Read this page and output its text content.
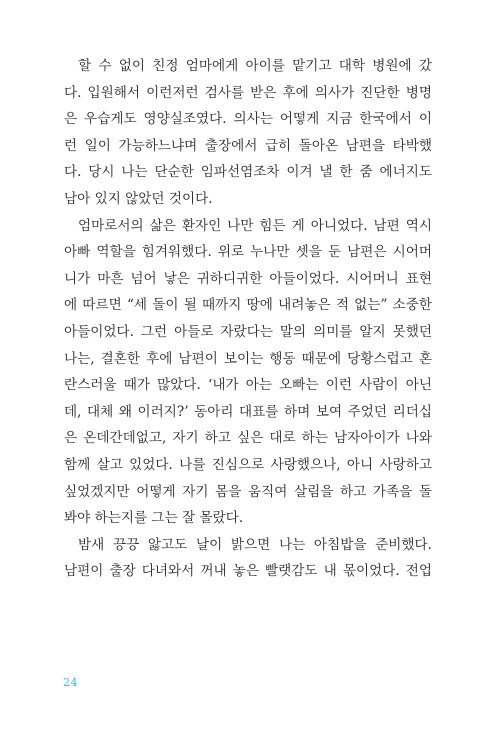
할 수 없이 친정 엄마에게 아이를 맡기고 대학 병원에 갔
다. 입원해서 이런저런 검사를 받은 후에 의사가 진단한 병명
은 우습게도 영양실조였다. 의사는 어떻게 지금 한국에서 이
런 일이 가능하느냐며 출장에서 급히 돌아온 남편을 타박했
다. 당시 나는 단순한 임파선염조차 이겨 낼 한 줌 에너지도
남아 있지 않았던 것이다.
엄마로서의 삶은 환자인 나만 힘든 게 아니었다. 남편 역시
아빠 역할을 힘겨워했다. 위로 누나만 셋을 둔 남편은 시어머
니가 마흔 넘어 낳은 귀하디귀한 아들이었다. 시어머니 표현
에 따르면 “세 돌이 될 때까지 땅에 내려놓은 적 없는” 소중한
아들이었다. 그런 아들로 자랐다는 말의 의미를 알지 못했던
나는, 결혼한 후에 남편이 보이는 행동 때문에 당황스럽고 혼
란스러울 때가 많았다. ‘내가 아는 오빠는 이런 사람이 아닌
데, 대체 왜 이러지?’ 동아리 대표를 하며 보여 주었던 리더십
은 온데간데없고, 자기 하고 싶은 대로 하는 남자아이가 나와
함께 살고 있었다. 나를 진심으로 사랑했으나, 아니 사랑하고
싶었겠지만 어떻게 자기 몸을 움직여 살림을 하고 가족을 돌
봐야 하는지를 그는 잘 몰랐다.
밤새 끙끙 앓고도 날이 밝으면 나는 아침밥을 준비했다.
남편이 출장 다녀와서 꺼내 놓은 빨랫감도 내 몫이었다. 전업
24
